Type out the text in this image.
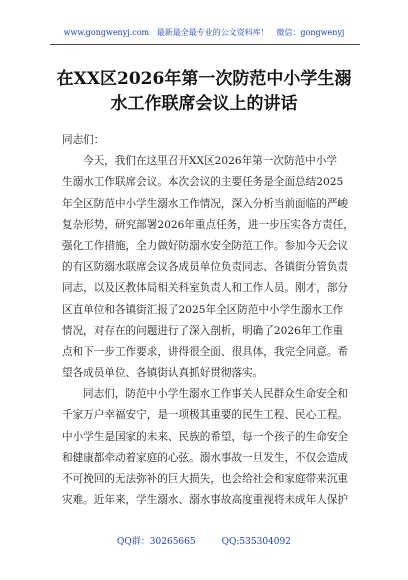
www.gongwenyj.com 最新最全最专业的公文资料库！ 微信：gongwenyj
在XX区2026年第一次防范中小学生溺
水工作联席会议上的讲话
同志们：
今天，我们在这里召开XX区2026年第一次防范中小学
生溺水工作联席会议。本次会议的主要任务是全面总结2025
年全区防范中小学生溺水工作情况，深入分析当前面临的严峻
复杂形势，研究部署2026年重点任务，进一步压实各方责任，
强化工作措施，全力做好防溺水安全防范工作。参加今天会议
的有区防溺水联席会议各成员单位负责同志、各镇街分管负责
同志，以及区教体局相关科室负责人和工作人员。刚才，部分
区直单位和各镇街汇报了2025年全区防范中小学生溺水工作
情况，对存在的问题进行了深入剖析，明确了2026年工作重
点和下一步工作要求，讲得很全面、很具体，我完全同意。希
望各成员单位、各镇街认真抓好贯彻落实。
同志们，防范中小学生溺水工作事关人民群众生命安全和
千家万户幸福安宁，是一项极其重要的民生工程、民心工程。
中小学生是国家的未来、民族的希望，每一个孩子的生命安全
和健康都牵动着家庭的心弦。溺水事故一旦发生，不仅会造成
不可挽回的无法弥补的巨大损失，也会给社会和家庭带来沉重
灾难。近年来，学生溺水、溺水事故高度重视将未成年人保护
QQ群：30265665	QQ:535304092
